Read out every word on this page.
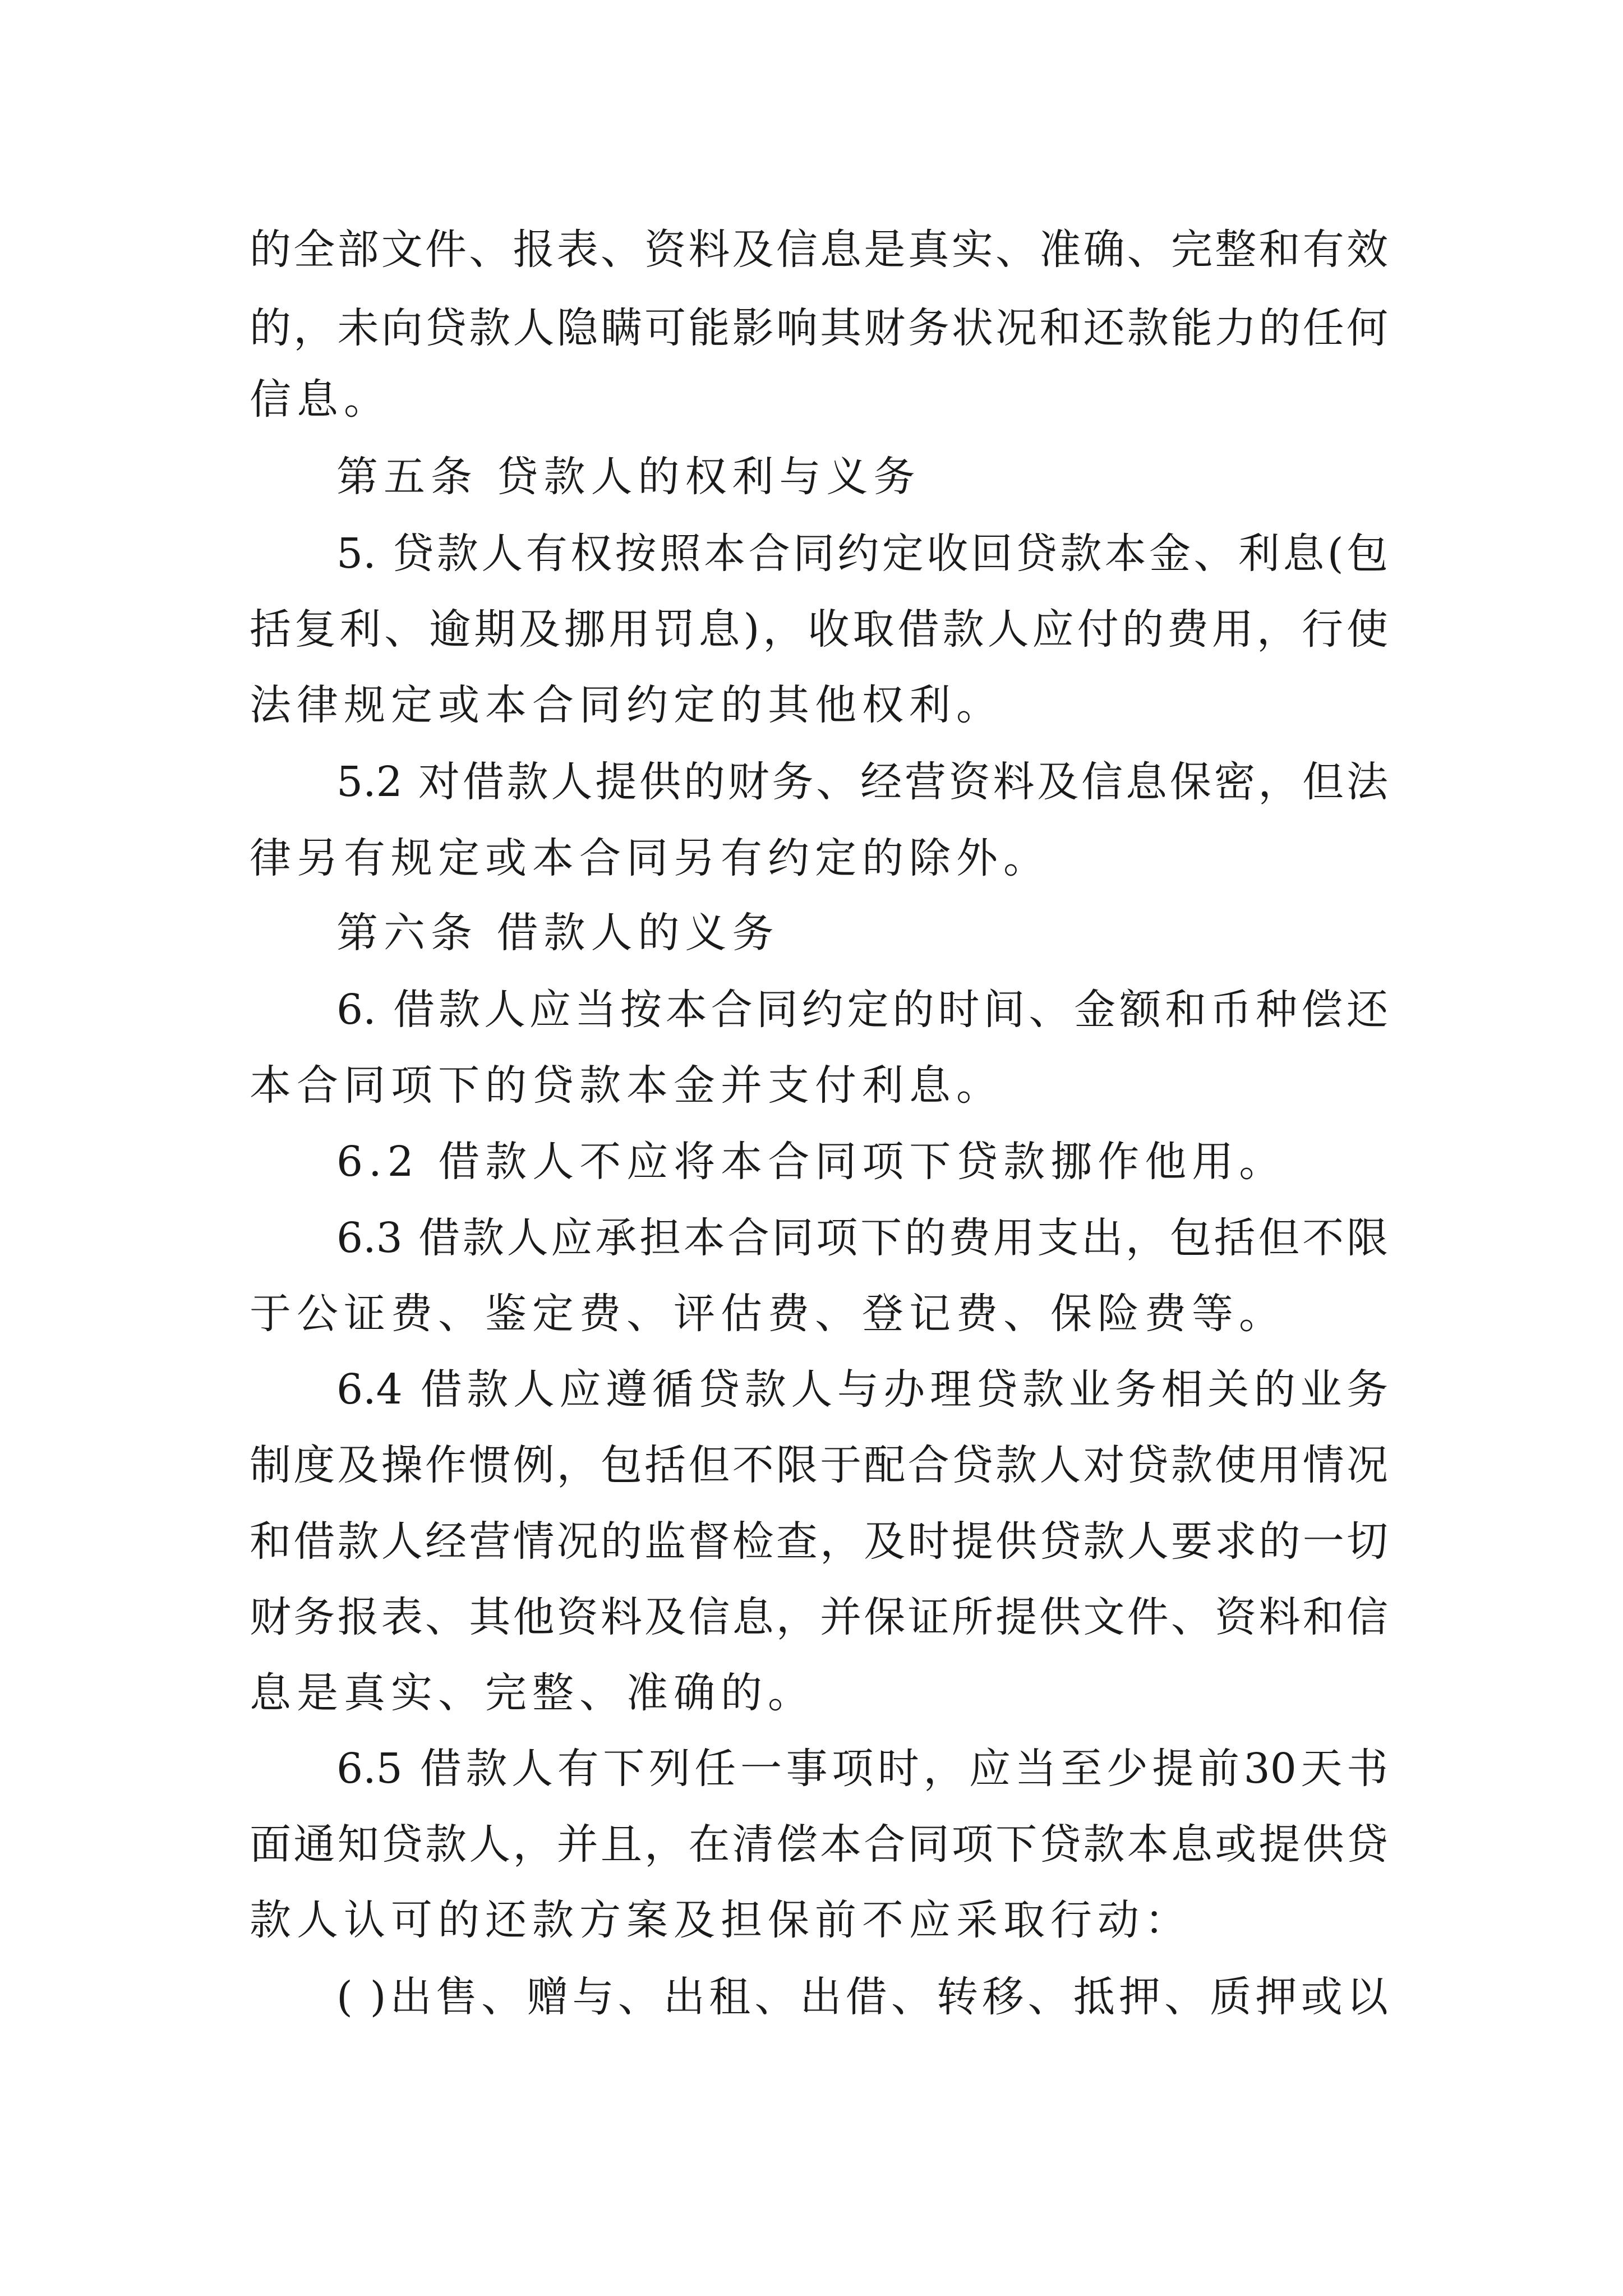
的全部文件、报表、资料及信息是真实、准确、完整和有效
的，未向贷款人隐瞒可能影响其财务状况和还款能力的任何
信息。
第五条 贷款人的权利与义务
5. 贷款人有权按照本合同约定收回贷款本金、利息(包
括复利、逾期及挪用罚息)，收取借款人应付的费用，行使
法律规定或本合同约定的其他权利。
5.2 对借款人提供的财务、经营资料及信息保密，但法
律另有规定或本合同另有约定的除外。
第六条 借款人的义务
6. 借款人应当按本合同约定的时间、金额和币种偿还
本合同项下的贷款本金并支付利息。
6.2 借款人不应将本合同项下贷款挪作他用。
6.3 借款人应承担本合同项下的费用支出，包括但不限
于公证费、鉴定费、评估费、登记费、保险费等。
6.4 借款人应遵循贷款人与办理贷款业务相关的业务
制度及操作惯例，包括但不限于配合贷款人对贷款使用情况
和借款人经营情况的监督检查，及时提供贷款人要求的一切
财务报表、其他资料及信息，并保证所提供文件、资料和信
息是真实、完整、准确的。
6.5 借款人有下列任一事项时，应当至少提前30天书
面通知贷款人，并且，在清偿本合同项下贷款本息或提供贷
款人认可的还款方案及担保前不应采取行动：
( )出售、赠与、出租、出借、转移、抵押、质押或以
